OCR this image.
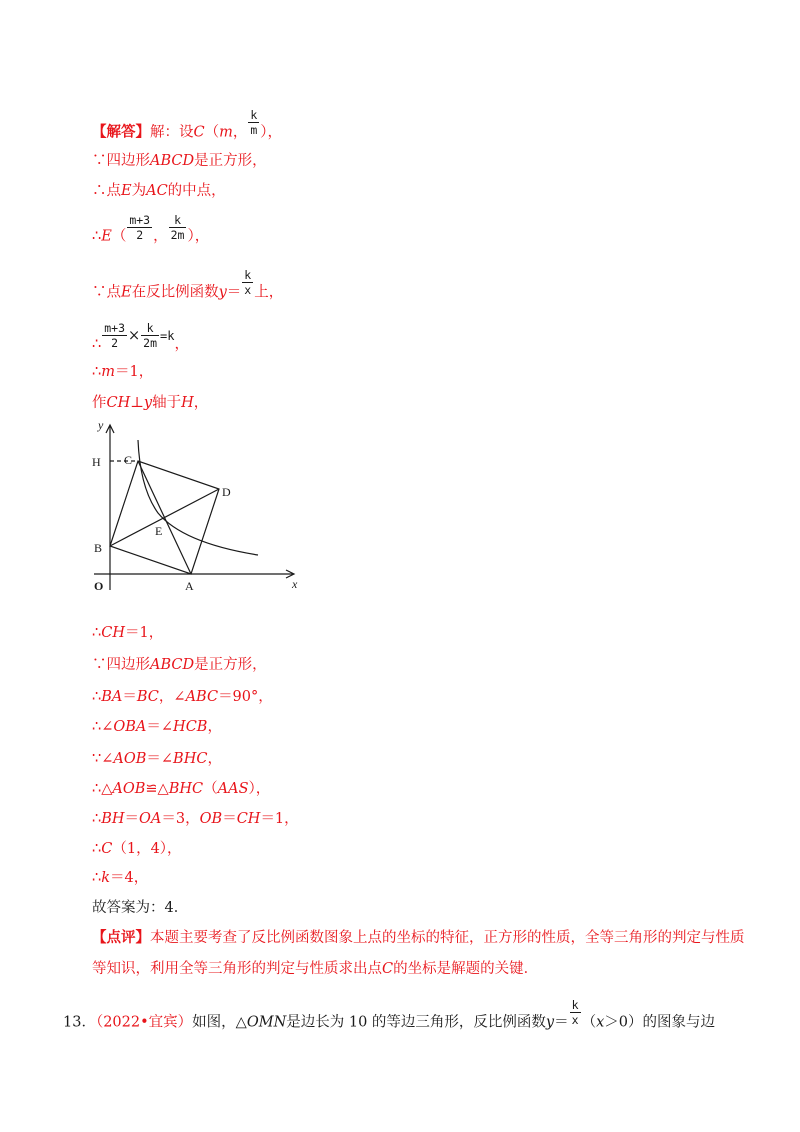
【解答】解：设C（m， $\frac{k}{m}$ ），
∵四边形ABCD是正方形，
∴点E为AC的中点，
∴E（ $\frac{m+3}{2}$ ， $\frac{k}{2m}$ ），
∵点E在反比例函数$y= \frac{k}{x}$ 上，
∴ $\frac{m+3}{2} \times \frac{k}{2m} ^{=k}$，
∴m＝1，
作CH⊥y轴于H，
y
x
O
H C
D
E
B
A
∴CH＝1，
∵四边形ABCD是正方形，
∴BA＝BC，∠ABC＝90°，
∴∠OBA＝∠HCB，
∵∠AOB＝∠BHC，
∴△AOB≌△BHC（AAS），
∴BH＝OA＝3，OB＝CH＝1，
∴C（1，4），
∴k＝4，
故答案为：4．
【点评】本题主要考查了反比例函数图象上点的坐标的特征，正方形的性质，全等三角形的判定与性质
等知识，利用全等三角形的判定与性质求出点C的坐标是解题的关键．
13．（2022•宜宾）如图，△OMN是边长为 10 的等边三角形，反比例函数$y= \frac{k}{x} (x>0)$的图象与边
